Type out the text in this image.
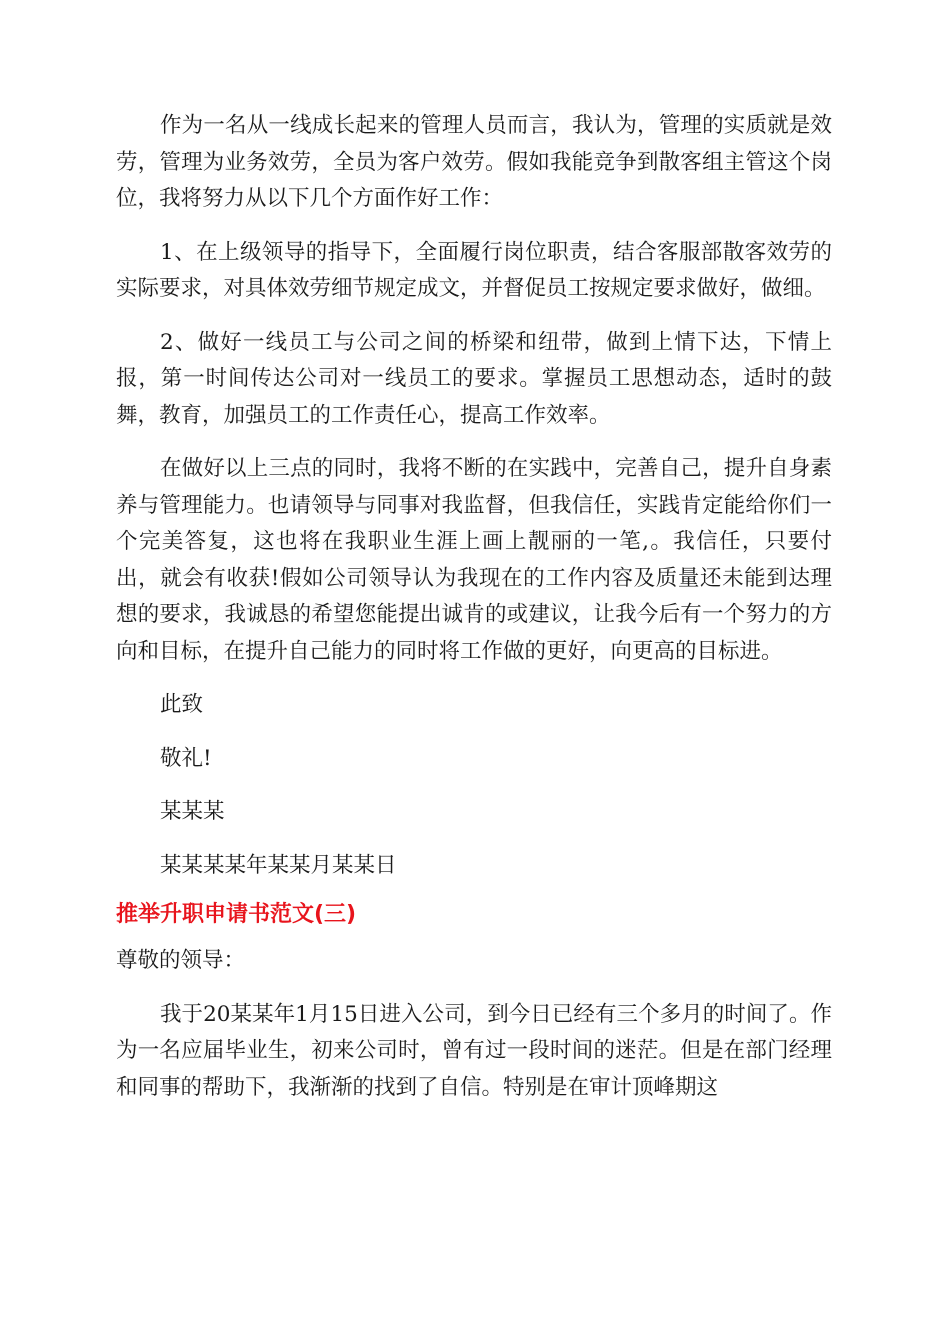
作为一名从一线成长起来的管理人员而言，我认为，管理的实质就是效劳，管理为业务效劳，全员为客户效劳。假如我能竞争到散客组主管这个岗位，我将努力从以下几个方面作好工作：

1、在上级领导的指导下，全面履行岗位职责，结合客服部散客效劳的实际要求，对具体效劳细节规定成文，并督促员工按规定要求做好，做细。

2、做好一线员工与公司之间的桥梁和纽带，做到上情下达，下情上报，第一时间传达公司对一线员工的要求。掌握员工思想动态，适时的鼓舞，教育，加强员工的工作责任心，提高工作效率。

在做好以上三点的同时，我将不断的在实践中，完善自己，提升自身素养与管理能力。也请领导与同事对我监督，但我信任，实践肯定能给你们一个完美答复，这也将在我职业生涯上画上靓丽的一笔,。我信任，只要付出，就会有收获!假如公司领导认为我现在的工作内容及质量还未能到达理想的要求，我诚恳的希望您能提出诚肯的或建议，让我今后有一个努力的方向和目标，在提升自己能力的同时将工作做的更好，向更高的目标进。

此致

敬礼!

某某某

某某某某年某某月某某日

推举升职申请书范文(三)

尊敬的领导：

我于20某某年1月15日进入公司，到今日已经有三个多月的时间了。作为一名应届毕业生，初来公司时，曾有过一段时间的迷茫。但是在部门经理和同事的帮助下，我渐渐的找到了自信。特别是在审计顶峰期这
